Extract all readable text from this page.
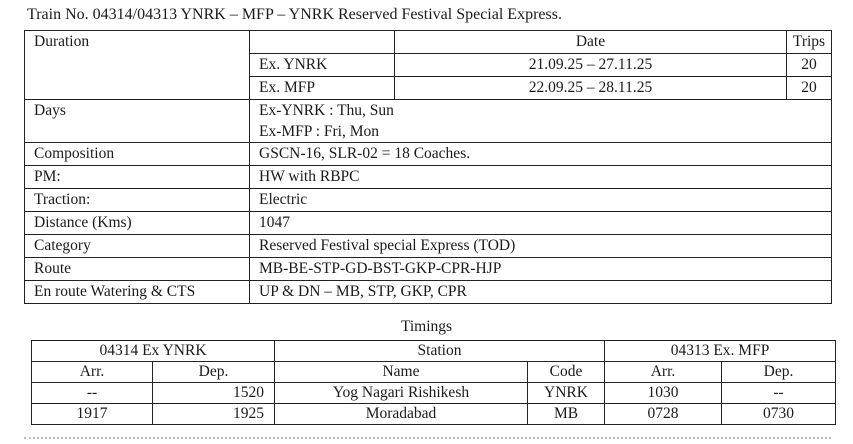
Train No. 04314/04313 YNRK – MFP – YNRK Reserved Festival Special Express.
Duration		Date	Trips
	Ex. YNRK	21.09.25 – 27.11.25	20
	Ex. MFP	22.09.25 – 28.11.25	20
Days	Ex-YNRK : Thu, Sun
Ex-MFP : Fri, Mon		

Composition	GSCN-16, SLR-02 = 18 Coaches.		
PM:	HW with RBPC		
Traction:	Electric		
Distance (Kms)	1047		
Category	Reserved Festival special Express (TOD)		
Route	MB-BE-STP-GD-BST-GKP-CPR-HJP		
En route Watering & CTS	UP & DN – MB, STP, GKP, CPR		
Timings
04314 Ex YNRK		Station		04313 Ex. MFP	
Arr.	Dep.	Name	Code	Arr.	Dep.
--	1520	Yog Nagari Rishikesh	YNRK	1030	--
1917	1925	Moradabad	MB	0728	0730
